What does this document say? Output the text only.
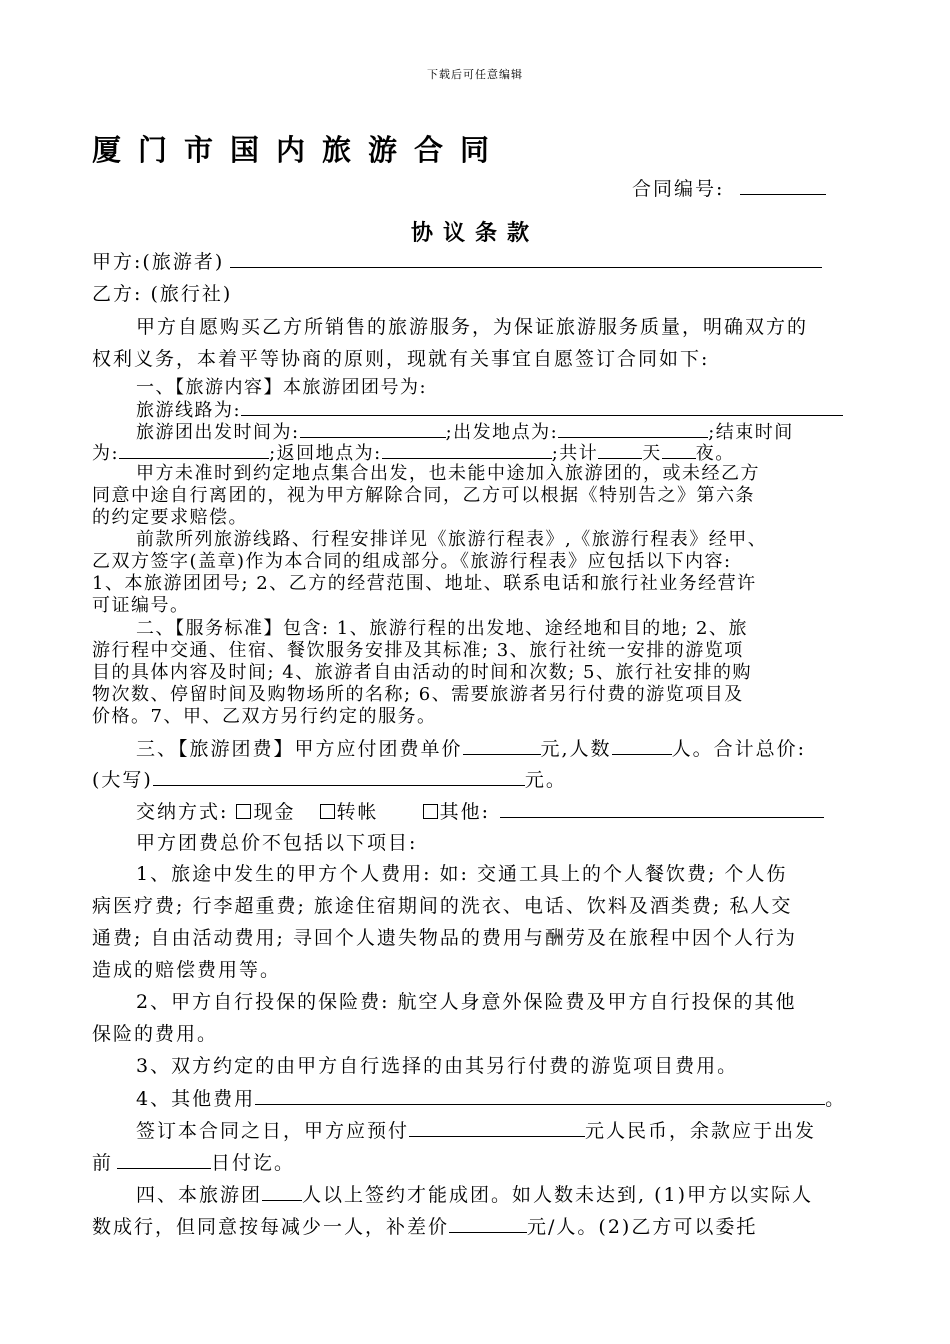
下载后可任意编辑
厦门市国内旅游合同
合同编号:
协议条款
甲方:(旅游者)
乙方: (旅行社)
甲方自愿购买乙方所销售的旅游服务，为保证旅游服务质量，明确双方的
权利义务，本着平等协商的原则，现就有关事宜自愿签订合同如下:
一、【旅游内容】本旅游团团号为:
旅游线路为:
旅游团出发时间为:	;出发地点为:	;结束时间
为:	;返回地点为:	;共计 天 夜。
甲方未准时到约定地点集合出发，也未能中途加入旅游团的，或未经乙方
同意中途自行离团的，视为甲方解除合同，乙方可以根据《特别告之》第六条
的约定要求赔偿。
前款所列旅游线路、行程安排详见《旅游行程表》,《旅游行程表》经甲、
乙双方签字(盖章)作为本合同的组成部分。《旅游行程表》应包括以下内容:
1、本旅游团团号; 2、乙方的经营范围、地址、联系电话和旅行社业务经营许
可证编号。
二、【服务标准】包含: 1、旅游行程的出发地、途经地和目的地; 2、旅
游行程中交通、住宿、餐饮服务安排及其标准; 3、旅行社统一安排的游览项
目的具体内容及时间; 4、旅游者自由活动的时间和次数; 5、旅行社安排的购
物次数、停留时间及购物场所的名称; 6、需要旅游者另行付费的游览项目及
价格。7、甲、乙双方另行约定的服务。
三、【旅游团费】甲方应付团费单价	元,人数	人。合计总价:
(大写)	元。
交纳方式: 现金 转帐	其他:
甲方团费总价不包括以下项目:
1、旅途中发生的甲方个人费用: 如: 交通工具上的个人餐饮费; 个人伤
病医疗费; 行李超重费; 旅途住宿期间的洗衣、电话、饮料及酒类费; 私人交
通费; 自由活动费用; 寻回个人遗失物品的费用与酬劳及在旅程中因个人行为
造成的赔偿费用等。
2、甲方自行投保的保险费: 航空人身意外保险费及甲方自行投保的其他
保险的费用。
3、双方约定的由甲方自行选择的由其另行付费的游览项目费用。
4、其他费用	。
签订本合同之日，甲方应预付	元人民币，余款应于出发
前	日付讫。
四、本旅游团 人以上签约才能成团。如人数未达到, (1)甲方以实际人
数成行，但同意按每减少一人，补差价	元/人。(2)乙方可以委托
